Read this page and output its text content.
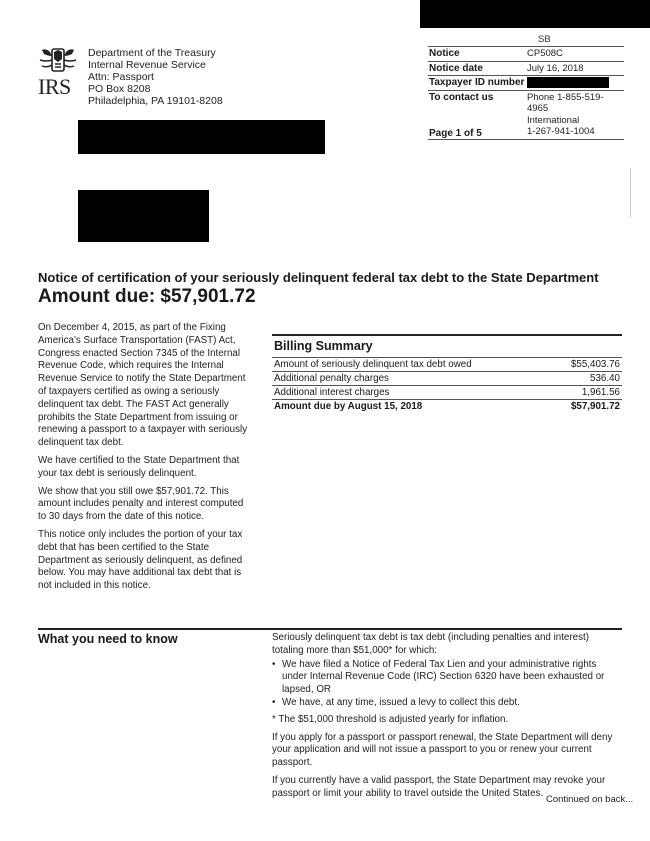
IRS
Department of the Treasury
Internal Revenue Service
Attn: Passport
PO Box 8208
Philadelphia, PA 19101-8208
SB
Notice	CP508C
Notice date	July 16, 2018
Taxpayer ID number	
To contact us	Phone 1-855-519-4965
International
1-267-941-1004
Page 1 of 5
Notice of certification of your seriously delinquent federal tax debt to the State Department
Amount due: $57,901.72

On December 4, 2015, as part of the Fixing America’s Surface Transportation (FAST) Act, Congress enacted Section 7345 of the Internal Revenue Code, which requires the Internal Revenue Service to notify the State Department of taxpayers certified as owing a seriously delinquent tax debt. The FAST Act generally prohibits the State Department from issuing or renewing a passport to a taxpayer with seriously delinquent tax debt.

We have certified to the State Department that your tax debt is seriously delinquent.

We show that you still owe $57,901.72. This amount includes penalty and interest computed to 30 days from the date of this notice.

This notice only includes the portion of your tax debt that has been certified to the State Department as seriously delinquent, as defined below. You may have additional tax debt that is not included in this notice.

Billing Summary
Amount of seriously delinquent tax debt owed	$55,403.76
Additional penalty charges	536.40
Additional interest charges	1,961.56
Amount due by August 15, 2018	$57,901.72
What you need to know	Seriously delinquent tax debt is tax debt (including penalties and interest) totaling more than $51,000* for which:

• We have filed a Notice of Federal Tax Lien and your administrative rights under Internal Revenue Code (IRC) Section 6320 have been exhausted or lapsed, OR
• We have, at any time, issued a levy to collect this debt.

* The $51,000 threshold is adjusted yearly for inflation.

If you apply for a passport or passport renewal, the State Department will deny your application and will not issue a passport to you or renew your current passport.

If you currently have a valid passport, the State Department may revoke your passport or limit your ability to travel outside the United States.

Continued on back...
